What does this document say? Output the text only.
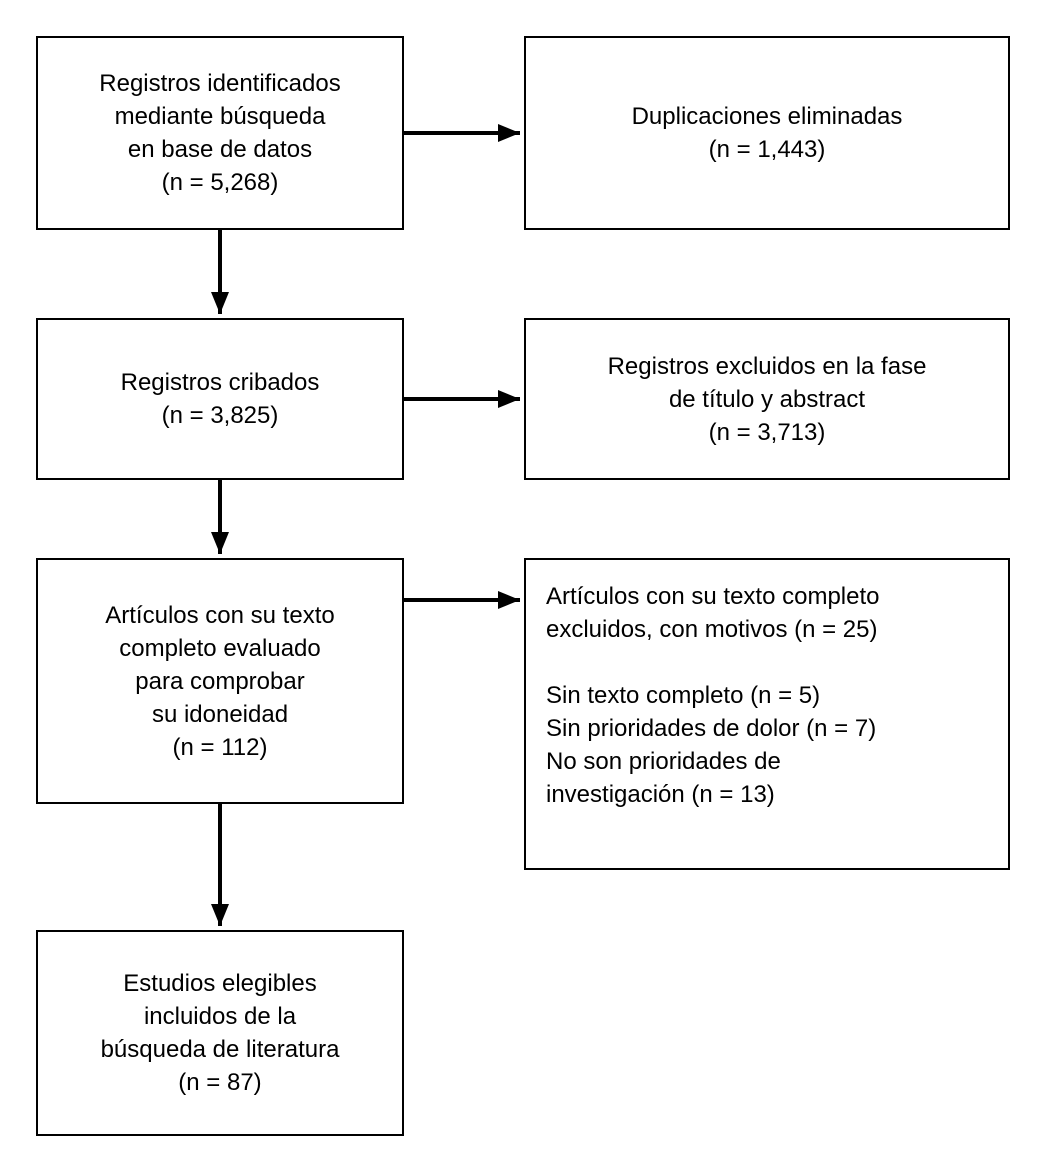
Registros identificados
mediante búsqueda
en base de datos
(n = 5,268)
Registros cribados
(n = 3,825)
Artículos con su texto
completo evaluado
para comprobar
su idoneidad
(n = 112)
Estudios elegibles
incluidos de la
búsqueda de literatura
(n = 87)
Duplicaciones eliminadas
(n = 1,443)
Registros excluidos en la fase
de título y abstract
(n = 3,713)
Artículos con su texto completo
excluidos, con motivos (n = 25)
Sin texto completo (n = 5)
Sin prioridades de dolor (n = 7)
No son prioridades de
investigación (n = 13)
